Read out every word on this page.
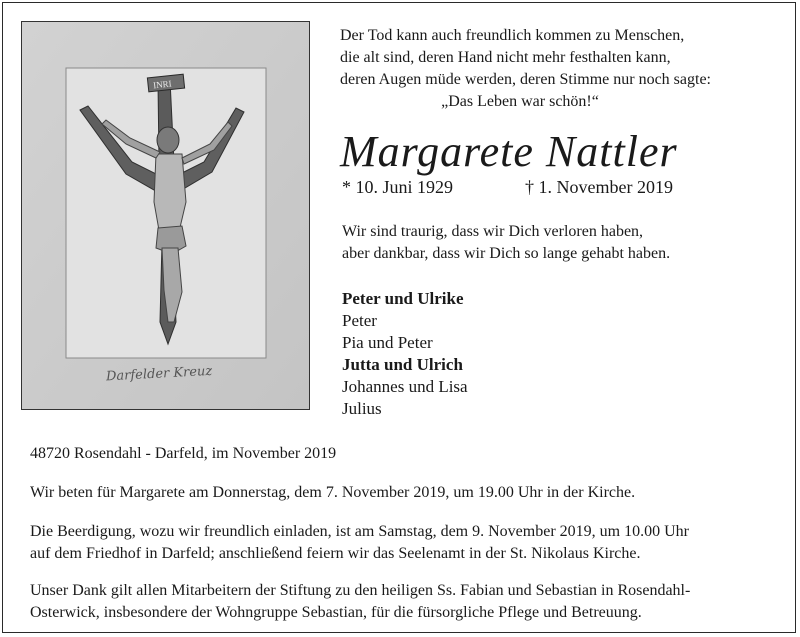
INRI
Darfelder Kreuz
Der Tod kann auch freundlich kommen zu Menschen,
die alt sind, deren Hand nicht mehr festhalten kann,
deren Augen müde werden, deren Stimme nur noch sagte:
„Das Leben war schön!“
Margarete Nattler
* 10. Juni 1929	† 1. November 2019
Wir sind traurig, dass wir Dich verloren haben,
aber dankbar, dass wir Dich so lange gehabt haben.
Peter und Ulrike
Peter
Pia und Peter
Jutta und Ulrich
Johannes und Lisa
Julius
48720 Rosendahl - Darfeld, im November 2019
Wir beten für Margarete am Donnerstag, dem 7. November 2019, um 19.00 Uhr in der Kirche.
Die Beerdigung, wozu wir freundlich einladen, ist am Samstag, dem 9. November 2019, um 10.00 Uhr
auf dem Friedhof in Darfeld; anschließend feiern wir das Seelenamt in der St. Nikolaus Kirche.
Unser Dank gilt allen Mitarbeitern der Stiftung zu den heiligen Ss. Fabian und Sebastian in Rosendahl-
Osterwick, insbesondere der Wohngruppe Sebastian, für die fürsorgliche Pflege und Betreuung.
